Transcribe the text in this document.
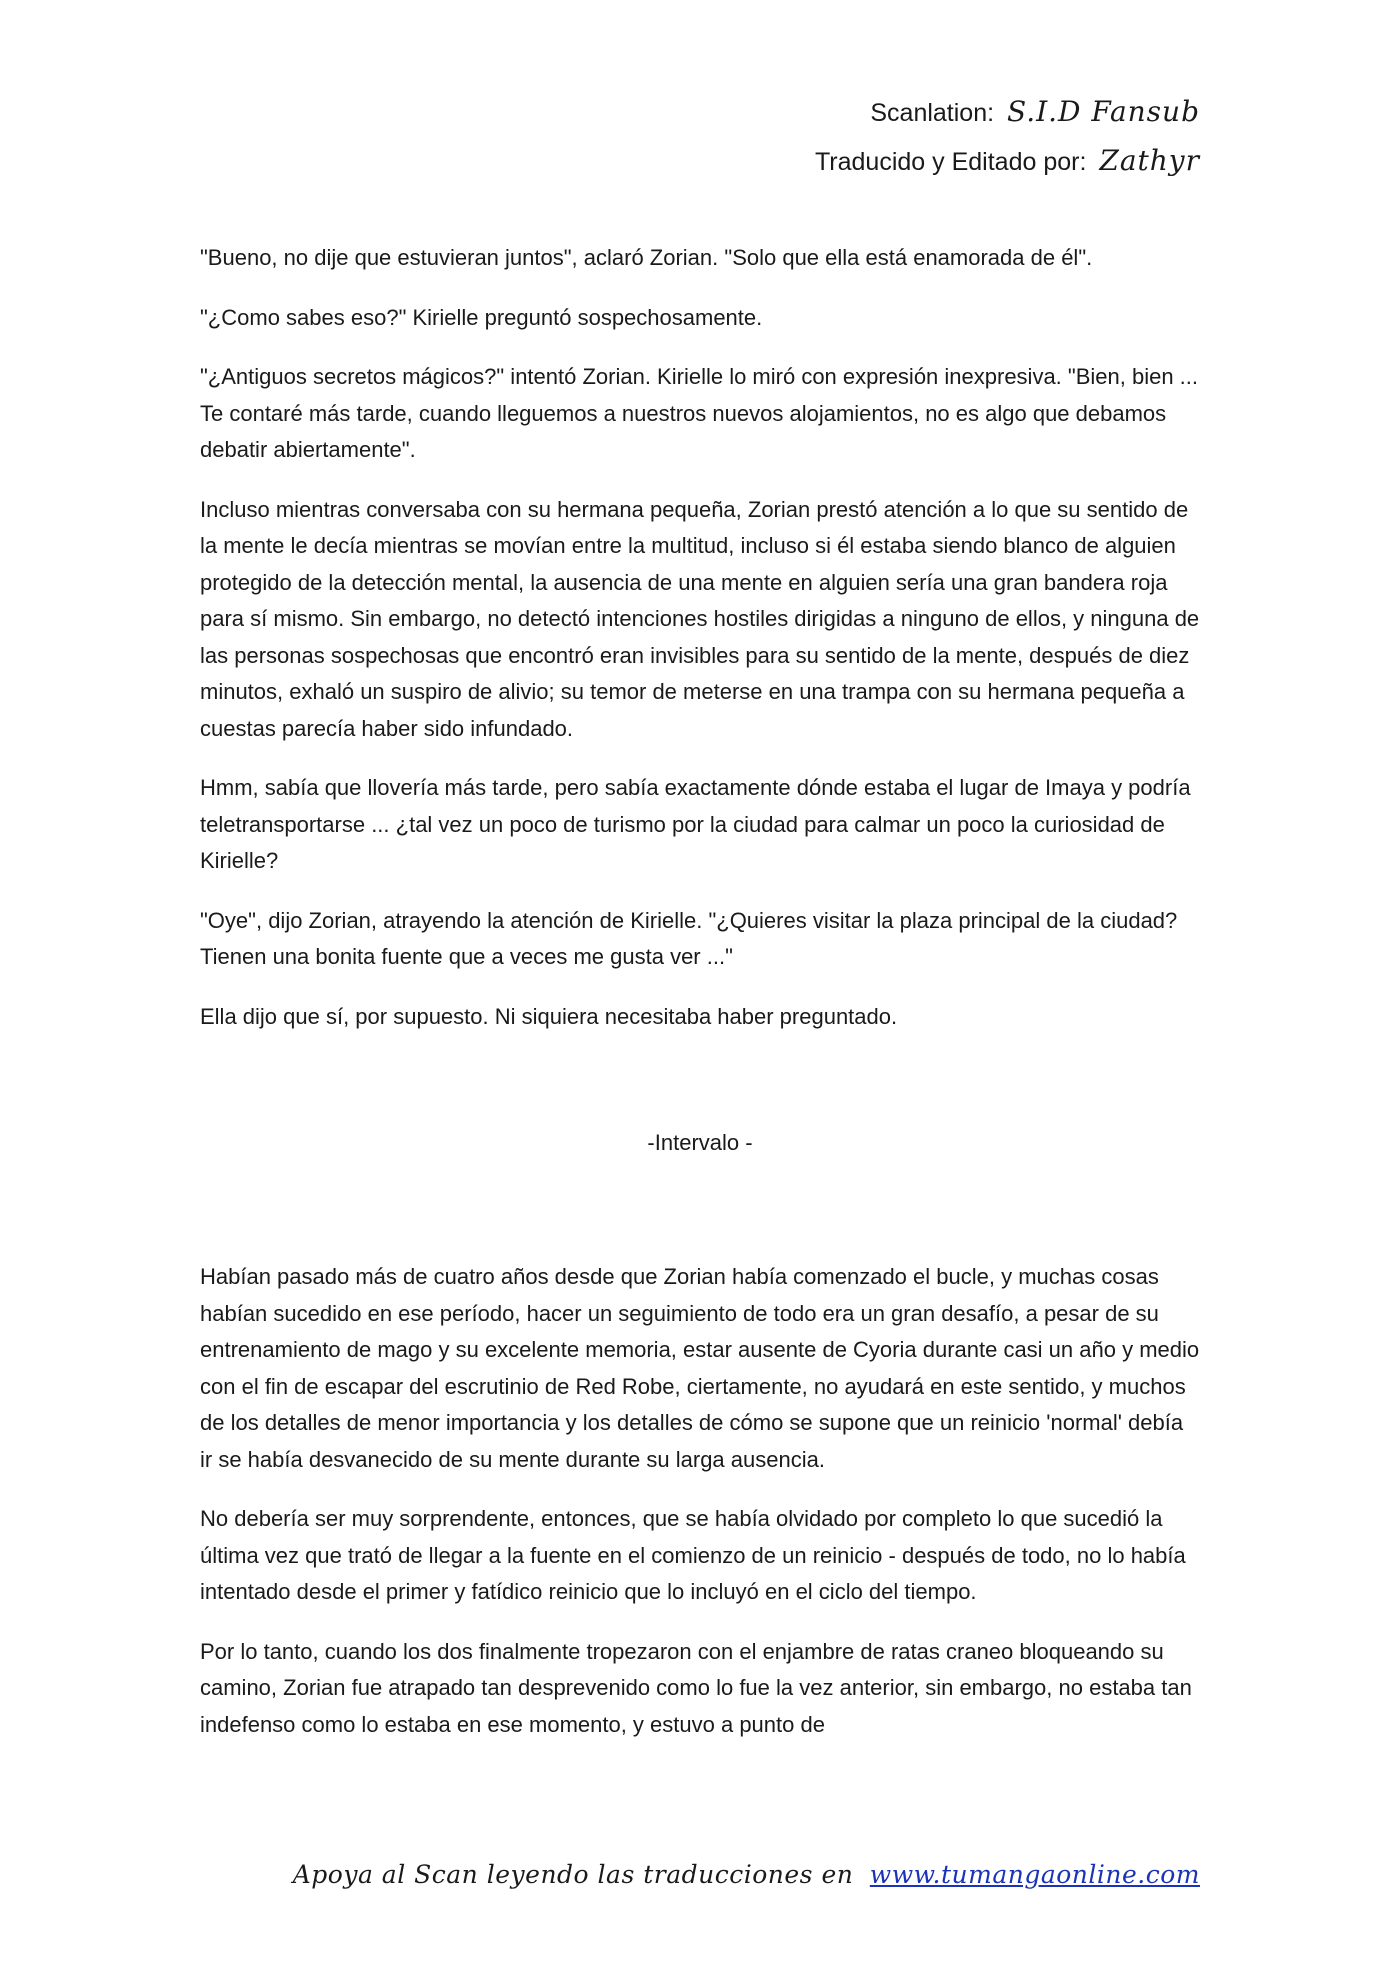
Scanlation: S.I.D Fansub
Traducido y Editado por: Zathyr

"Bueno, no dije que estuvieran juntos", aclaró Zorian. "Solo que ella está enamorada de él".

"¿Como sabes eso?" Kirielle preguntó sospechosamente.

"¿Antiguos secretos mágicos?" intentó Zorian. Kirielle lo miró con expresión inexpresiva. "Bien, bien ... Te contaré más tarde, cuando lleguemos a nuestros nuevos alojamientos, no es algo que debamos debatir abiertamente".

Incluso mientras conversaba con su hermana pequeña, Zorian prestó atención a lo que su sentido de la mente le decía mientras se movían entre la multitud, incluso si él estaba siendo blanco de alguien protegido de la detección mental, la ausencia de una mente en alguien sería una gran bandera roja para sí mismo. Sin embargo, no detectó intenciones hostiles dirigidas a ninguno de ellos, y ninguna de las personas sospechosas que encontró eran invisibles para su sentido de la mente, después de diez minutos, exhaló un suspiro de alivio; su temor de meterse en una trampa con su hermana pequeña a cuestas parecía haber sido infundado.

Hmm, sabía que llovería más tarde, pero sabía exactamente dónde estaba el lugar de Imaya y podría teletransportarse ... ¿tal vez un poco de turismo por la ciudad para calmar un poco la curiosidad de Kirielle?

"Oye", dijo Zorian, atrayendo la atención de Kirielle. "¿Quieres visitar la plaza principal de la ciudad? Tienen una bonita fuente que a veces me gusta ver ..."

Ella dijo que sí, por supuesto. Ni siquiera necesitaba haber preguntado.

-Intervalo -

Habían pasado más de cuatro años desde que Zorian había comenzado el bucle, y muchas cosas habían sucedido en ese período, hacer un seguimiento de todo era un gran desafío, a pesar de su entrenamiento de mago y su excelente memoria, estar ausente de Cyoria durante casi un año y medio con el fin de escapar del escrutinio de Red Robe, ciertamente, no ayudará en este sentido, y muchos de los detalles de menor importancia y los detalles de cómo se supone que un reinicio 'normal' debía ir se había desvanecido de su mente durante su larga ausencia.

No debería ser muy sorprendente, entonces, que se había olvidado por completo lo que sucedió la última vez que trató de llegar a la fuente en el comienzo de un reinicio - después de todo, no lo había intentado desde el primer y fatídico reinicio que lo incluyó en el ciclo del tiempo.

Por lo tanto, cuando los dos finalmente tropezaron con el enjambre de ratas craneo bloqueando su camino, Zorian fue atrapado tan desprevenido como lo fue la vez anterior, sin embargo, no estaba tan indefenso como lo estaba en ese momento, y estuvo a punto de

Apoya al Scan leyendo las traducciones en www.tumangaonline.com
